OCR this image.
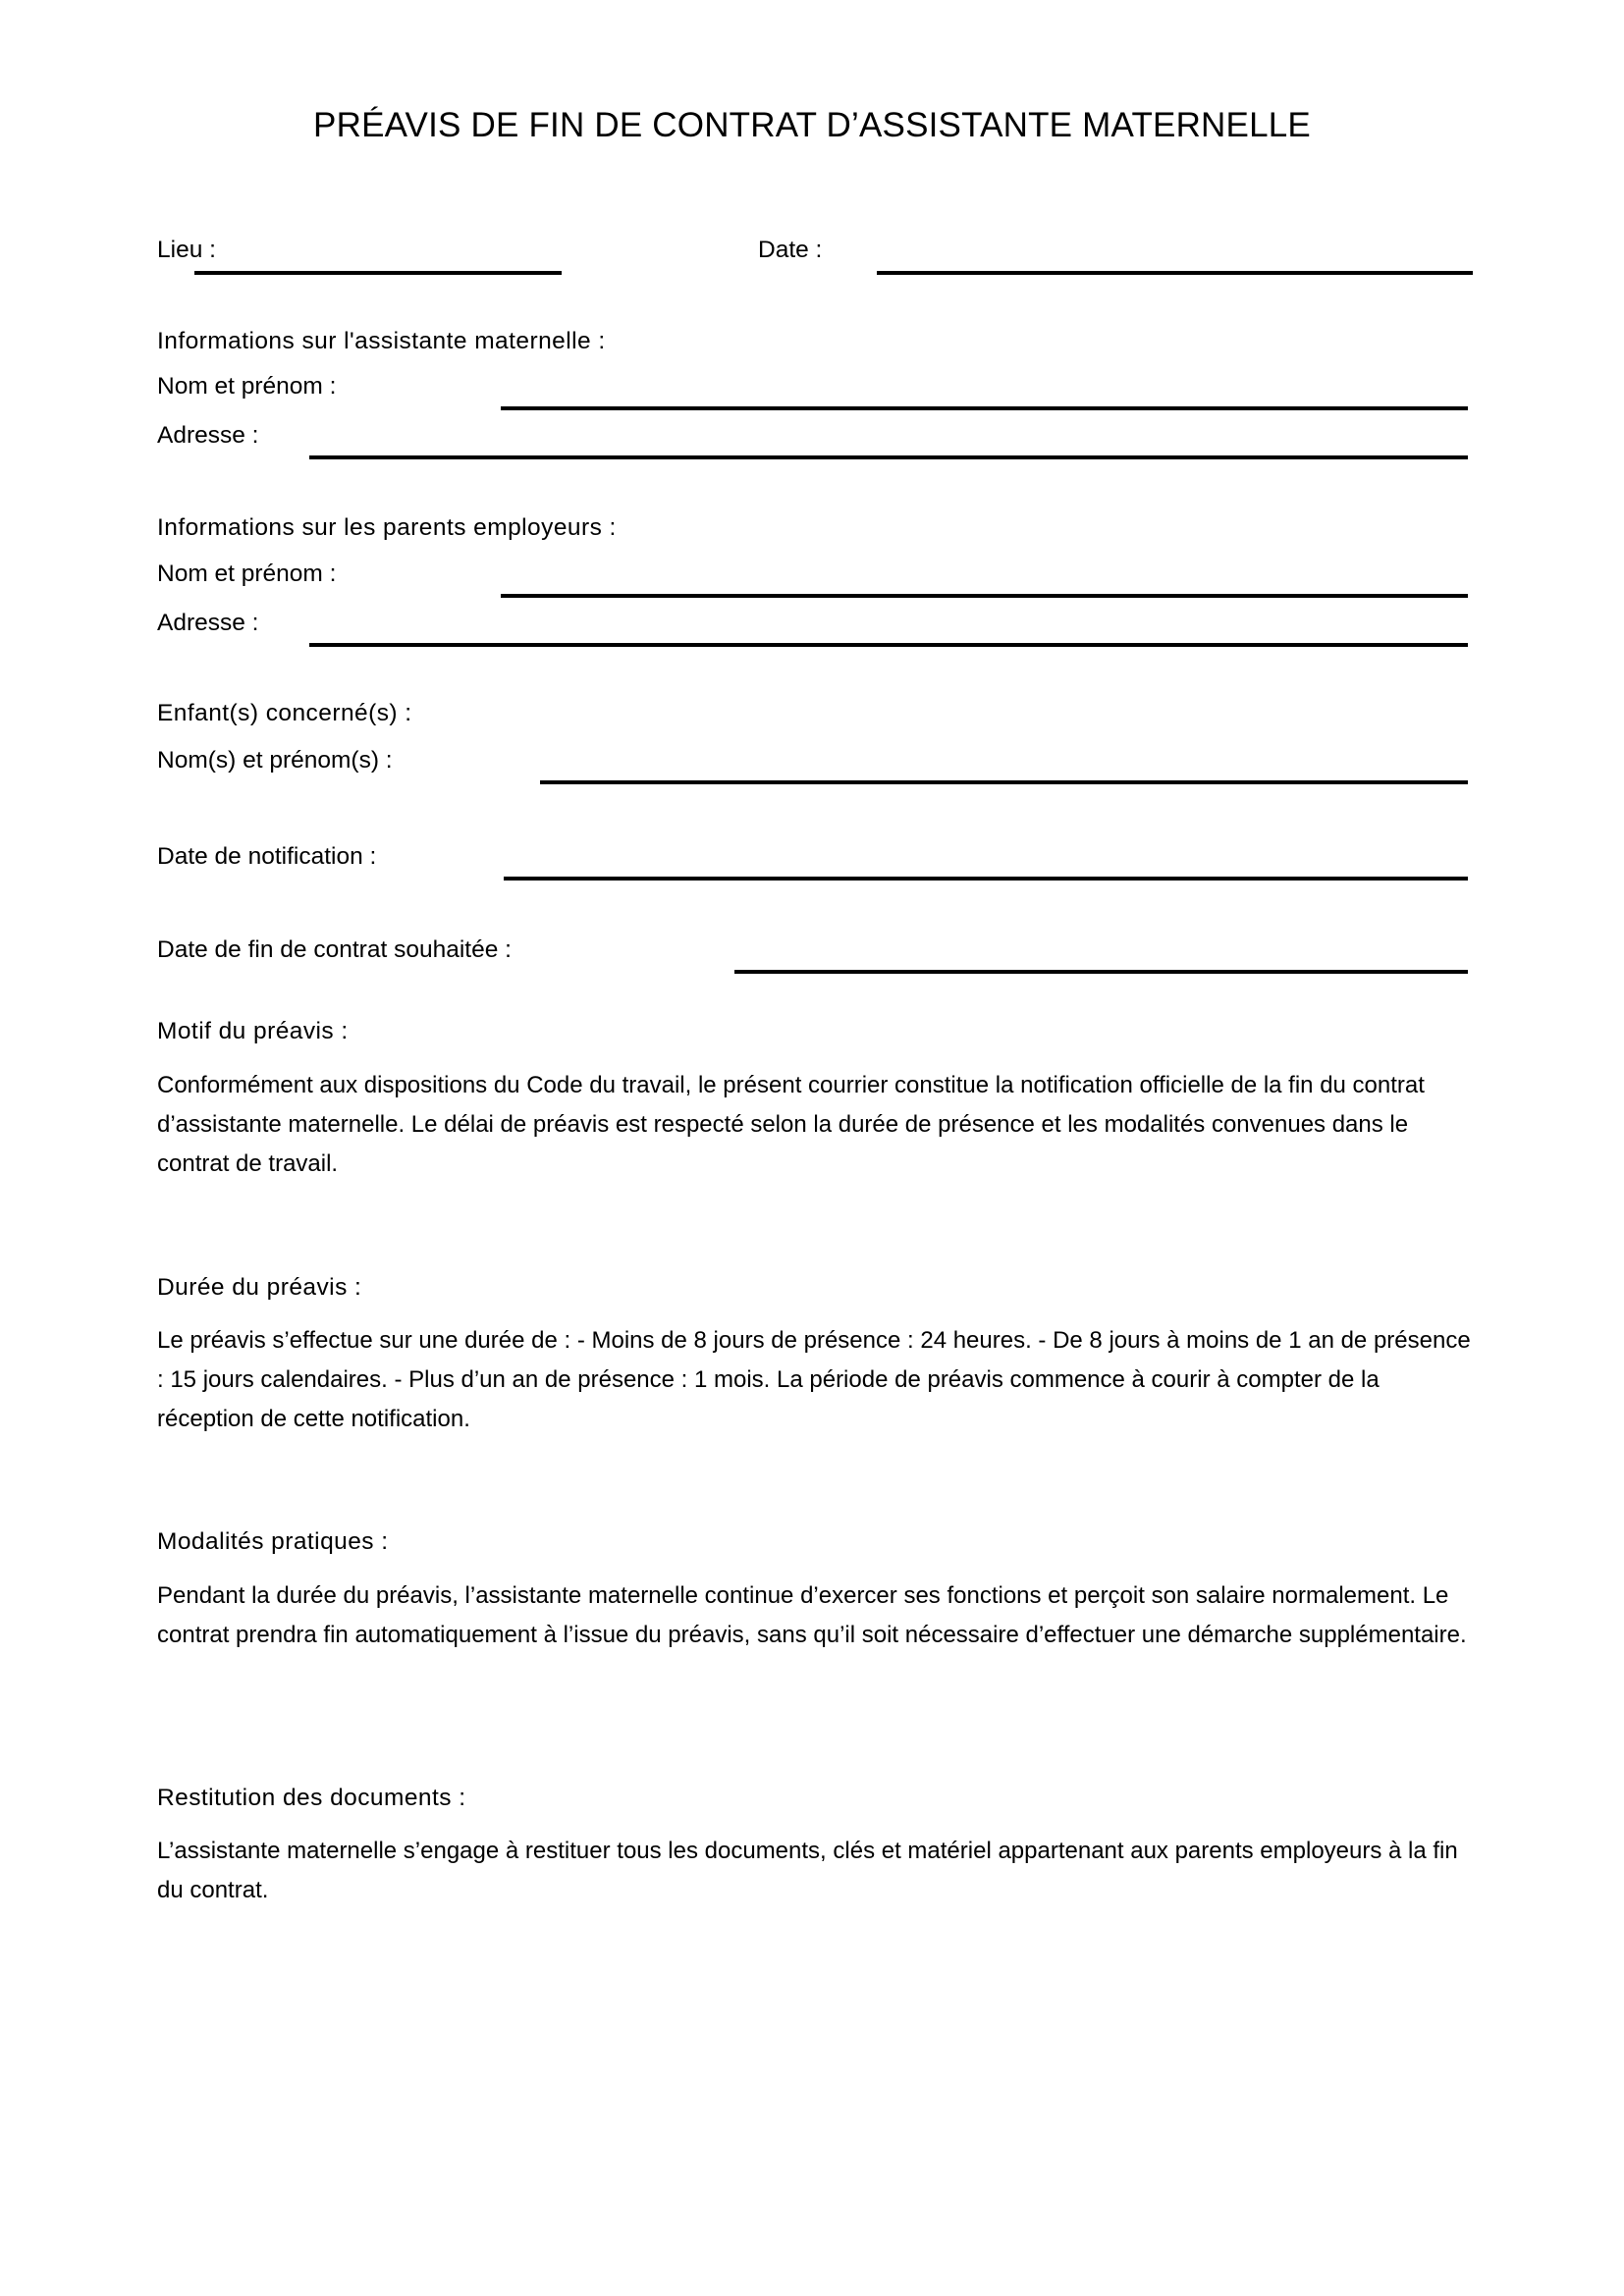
PRÉAVIS DE FIN DE CONTRAT D’ASSISTANTE MATERNELLE
Lieu :	Date :
Informations sur l'assistante maternelle :
Nom et prénom :
Adresse :
Informations sur les parents employeurs :
Nom et prénom :
Adresse :
Enfant(s) concerné(s) :
Nom(s) et prénom(s) :
Date de notification :
Date de fin de contrat souhaitée :
Motif du préavis :
Conformément aux dispositions du Code du travail, le présent courrier constitue la notification officielle de la fin du contrat d’assistante maternelle. Le délai de préavis est respecté selon la durée de présence et les modalités convenues dans le contrat de travail.
Durée du préavis :
Le préavis s’effectue sur une durée de : - Moins de 8 jours de présence : 24 heures. - De 8 jours à moins de 1 an de présence : 15 jours calendaires. - Plus d’un an de présence : 1 mois. La période de préavis commence à courir à compter de la réception de cette notification.
Modalités pratiques :
Pendant la durée du préavis, l’assistante maternelle continue d’exercer ses fonctions et perçoit son salaire normalement. Le contrat prendra fin automatiquement à l’issue du préavis, sans qu’il soit nécessaire d’effectuer une démarche supplémentaire.
Restitution des documents :
L’assistante maternelle s’engage à restituer tous les documents, clés et matériel appartenant aux parents employeurs à la fin du contrat.
